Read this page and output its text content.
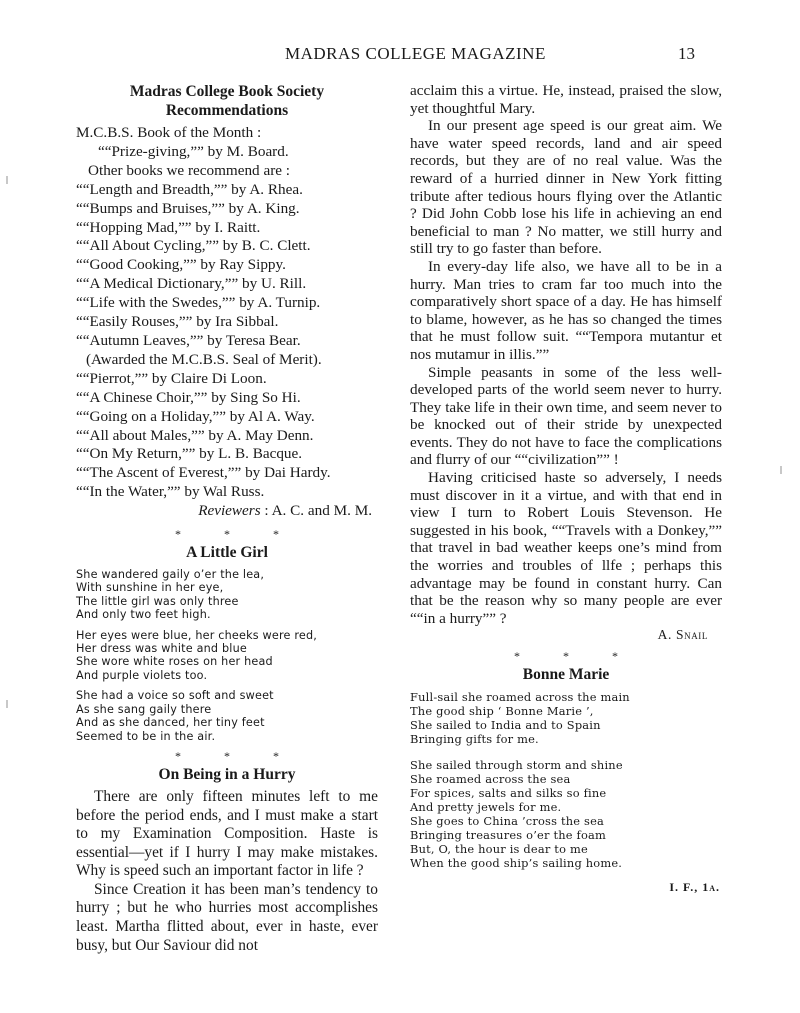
MADRAS COLLEGE MAGAZINE	13

Madras College Book Society

Recommendations

M.C.B.S. Book of the Month :
““Prize-giving,”” by M. Board.
Other books we recommend are :
““Length and Breadth,”” by A. Rhea.
““Bumps and Bruises,”” by A. King.
““Hopping Mad,”” by I. Raitt.
““All About Cycling,”” by B. C. Clett.
““Good Cooking,”” by Ray Sippy.
““A Medical Dictionary,”” by U. Rill.
““Life with the Swedes,”” by A. Turnip.
““Easily Rouses,”” by Ira Sibbal.
““Autumn Leaves,”” by Teresa Bear.
(Awarded the M.C.B.S. Seal of Merit).
““Pierrot,”” by Claire Di Loon.
““A Chinese Choir,”” by Sing So Hi.
““Going on a Holiday,”” by Al A. Way.
““All about Males,”” by A. May Denn.
““On My Return,”” by L. B. Bacque.
““The Ascent of Everest,”” by Dai Hardy.
““In the Water,”” by Wal Russ.
Reviewers : A. C. and M. M.
* * *

A Little Girl

She wandered gaily o’er the lea,
With sunshine in her eye,
The little girl was only three
And only two feet high.
Her eyes were blue, her cheeks were red,
Her dress was white and blue
She wore white roses on her head
And purple violets too.
She had a voice so soft and sweet
As she sang gaily there
And as she danced, her tiny feet
Seemed to be in the air.
* * *

On Being in a Hurry

There are only fifteen minutes left to me before the period ends, and I must make a start to my Examination Composition. Haste is essential—yet if I hurry I may make mistakes. Why is speed such an important factor in life ?

Since Creation it has been man’s tendency to hurry ; but he who hurries most accomplishes least. Martha flitted about, ever in haste, ever busy, but Our Saviour did not

acclaim this a virtue. He, instead, praised the slow, yet thoughtful Mary.

In our present age speed is our great aim. We have water speed records, land and air speed records, but they are of no real value. Was the reward of a hurried dinner in New York fitting tribute after tedious hours flying over the Atlantic ? Did John Cobb lose his life in achieving an end beneficial to man ? No matter, we still hurry and still try to go faster than before.

In every-day life also, we have all to be in a hurry. Man tries to cram far too much into the comparatively short space of a day. He has himself to blame, however, as he has so changed the times that he must follow suit. ““Tempora mutantur et nos mutamur in illis.””

Simple peasants in some of the less well-developed parts of the world seem never to hurry. They take life in their own time, and seem never to be knocked out of their stride by unexpected events. They do not have to face the complications and flurry of our ““civilization”” !

Having criticised haste so adversely, I needs must discover in it a virtue, and with that end in view I turn to Robert Louis Stevenson. He suggested in his book, ““Travels with a Donkey,”” that travel in bad weather keeps one’s mind from the worries and troubles of llfe ; perhaps this advantage may be found in constant hurry. Can that be the reason why so many people are ever ““in a hurry”” ?

A. Snail
* * *

Bonne Marie

Full-sail she roamed across the main
The good ship ‘ Bonne Marie ’,
She sailed to India and to Spain
Bringing gifts for me.
She sailed through storm and shine
She roamed across the sea
For spices, salts and silks so fine
And pretty jewels for me.
She goes to China ’cross the sea
Bringing treasures o’er the foam
But, O, the hour is dear to me
When the good ship’s sailing home.
I. F., 1a.
